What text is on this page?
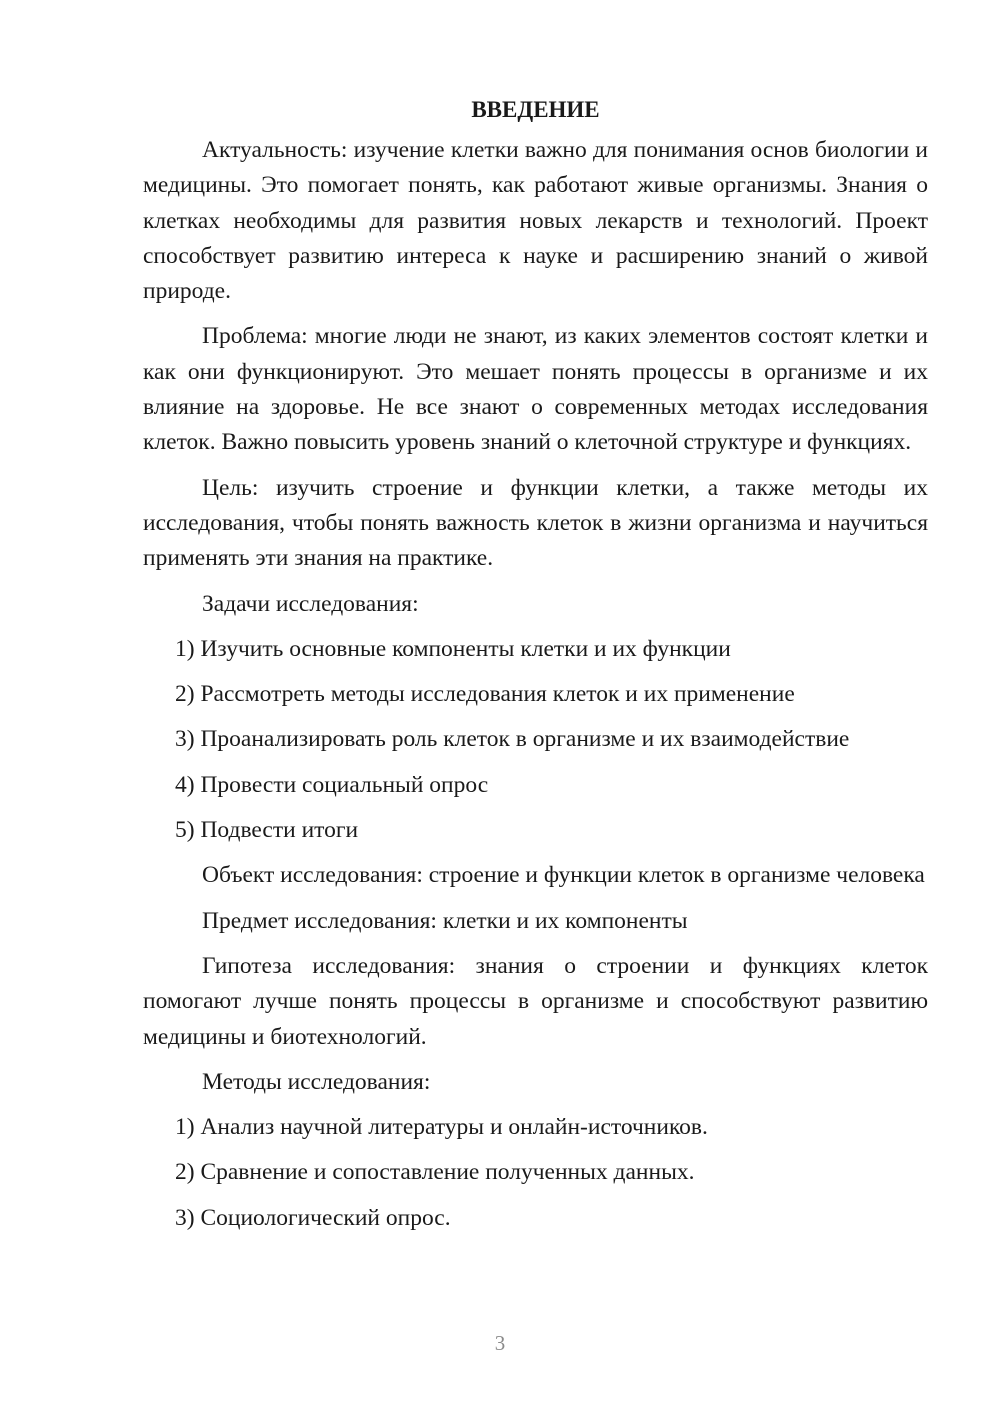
ВВЕДЕНИЕ

Актуальность: изучение клетки важно для понимания основ биологии и медицины. Это помогает понять, как работают живые организмы. Знания о клетках необходимы для развития новых лекарств и технологий. Проект способствует развитию интереса к науке и расширению знаний о живой природе.

Проблема: многие люди не знают, из каких элементов состоят клетки и как они функционируют. Это мешает понять процессы в организме и их влияние на здоровье. Не все знают о современных методах исследования клеток. Важно повысить уровень знаний о клеточной структуре и функциях.

Цель: изучить строение и функции клетки, а также методы их исследования, чтобы понять важность клеток в жизни организма и научиться применять эти знания на практике.

Задачи исследования:

1) Изучить основные компоненты клетки и их функции
2) Рассмотреть методы исследования клеток и их применение
3) Проанализировать роль клеток в организме и их взаимодействие
4) Провести социальный опрос
5) Подвести итоги

Объект исследования: строение и функции клеток в организме человека

Предмет исследования: клетки и их компоненты

Гипотеза исследования: знания о строении и функциях клеток помогают лучше понять процессы в организме и способствуют развитию медицины и биотехнологий.

Методы исследования:

1) Анализ научной литературы и онлайн-источников.
2) Сравнение и сопоставление полученных данных.
3) Социологический опрос.
3
